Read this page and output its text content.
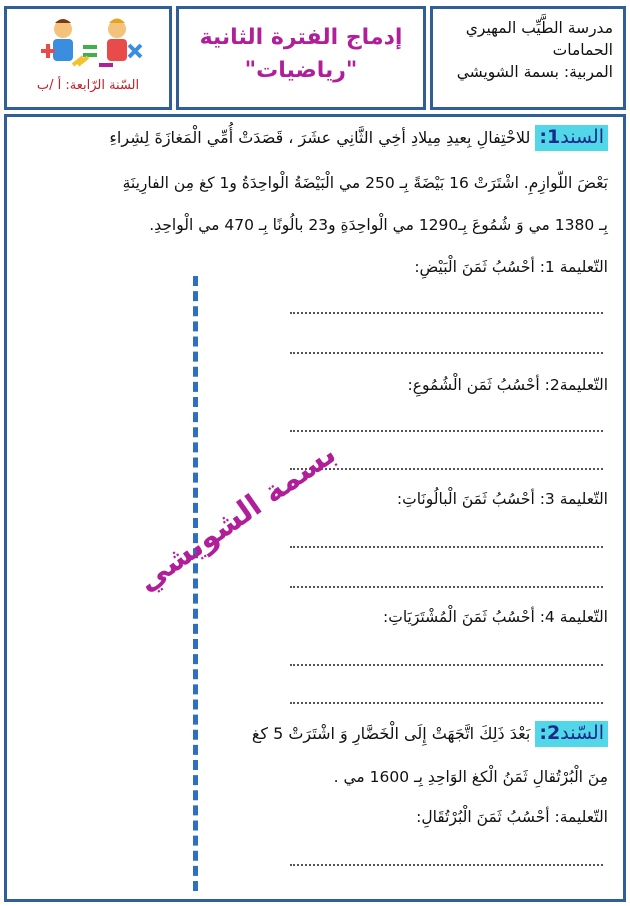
مدرسة الطَّيِّب المهيري
الحمامات
المربية: بسمة الشويشي
إدماج الفترة الثانية
"رياضيات"
السّنة الرّابعة: أ /ب
السند1: للاحْتِفالِ بِعيدِ مِيلادِ أخِي الثَّانِي عشَرَ ، قَصَدَتْ أُمِّي الْمَغازَةَ لِشِراءِ
بَعْضَ اللّوازِمِ. اشْتَرَتْ 16 بَيْضَةً بِـ 250 مي الْبَيْضَةُ الْواحِدَةُ و1 كغ مِن الفارِينَةِ
بِـ 1380 مي وَ شُمُوعَ بِـ1290 مي الْواحِدَةِ و23 بالُونًا بِـ 470 مي الْواحِدِ.
التّعليمة 1: أحْسُبُ ثَمَنَ الْبَيْضِ:
التّعليمة2: أحْسُبُ ثَمَن الْشُمُوعِ:
التّعليمة 3: أحْسُبُ ثَمَنَ الْبالُونَاتِ:
التّعليمة 4: أحْسُبُ ثَمَنَ الْمُشْتَرَيَاتِ:
السّند2: بَعْدَ ذَلِكَ اتَّجَهَتْ إِلَى الْخَضَّارِ وَ اشْتَرَتْ 5 كغ
مِنَ الْبُرْتُقالِ ثَمَنُ الْكغ الوَاحِدِ بِـ 1600 مي .
التّعليمة: أحْسُبُ ثَمَنَ الْبُرْتُقَالِ:
بسمة الشويشي
